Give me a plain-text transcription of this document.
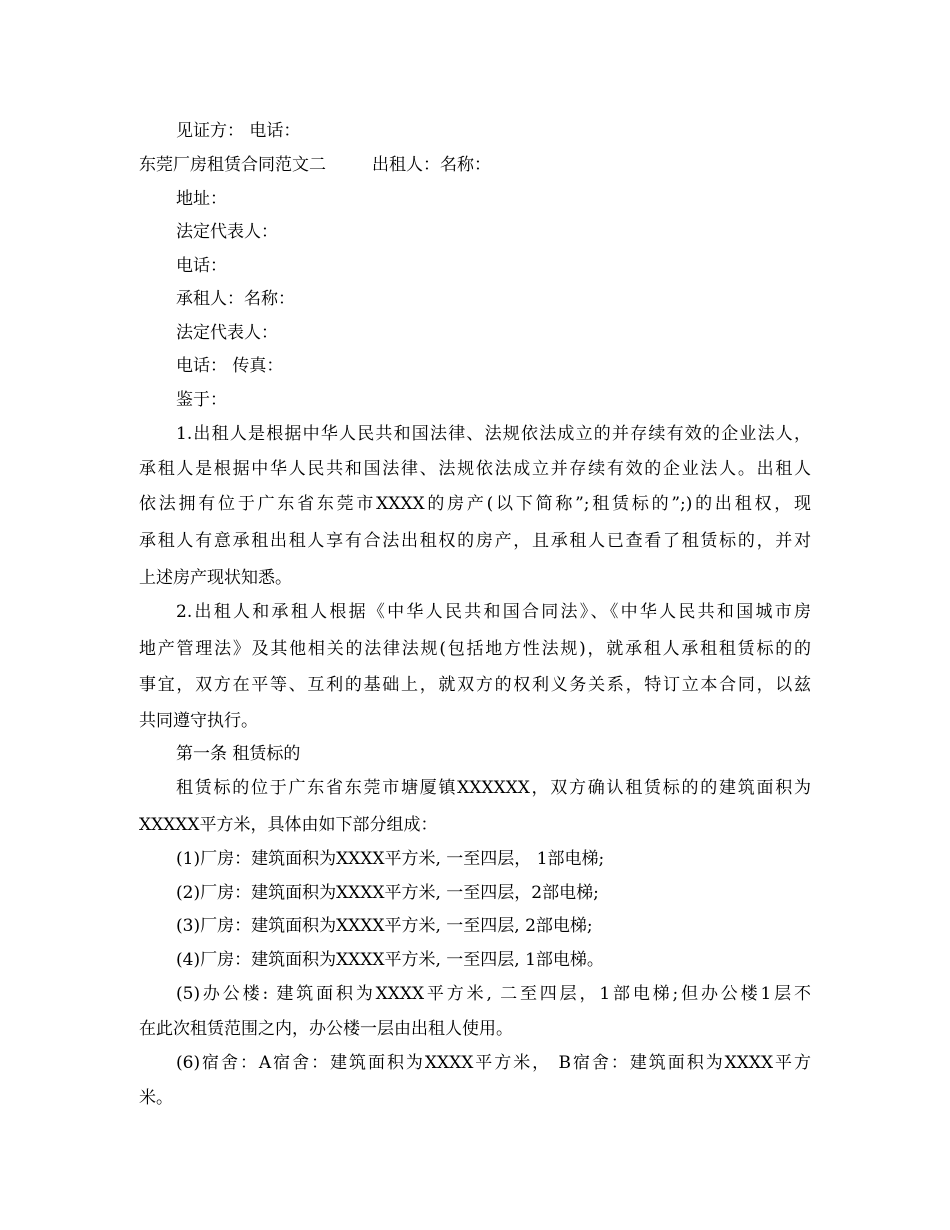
见证方： 电话：
东莞厂房租赁合同范文二	出租人：名称：
地址：
法定代表人：
电话：
承租人：名称：
法定代表人：
电话： 传真：
鉴于：
1.出租人是根据中华人民共和国法律、法规依法成立的并存续有效的企业法人，
承租人是根据中华人民共和国法律、法规依法成立并存续有效的企业法人。出租人
依法拥有位于广东省东莞市XXXX的房产(以下简称”;租赁标的”;)的出租权，现
承租人有意承租出租人享有合法出租权的房产，且承租人已查看了租赁标的，并对
上述房产现状知悉。
2.出租人和承租人根据《中华人民共和国合同法》、《中华人民共和国城市房
地产管理法》及其他相关的法律法规(包括地方性法规)，就承租人承租租赁标的的
事宜，双方在平等、互利的基础上，就双方的权利义务关系，特订立本合同，以兹
共同遵守执行。
第一条 租赁标的
租赁标的位于广东省东莞市塘厦镇XXXXXX，双方确认租赁标的的建筑面积为
XXXXX平方米，具体由如下部分组成：
(1)厂房：建筑面积为XXXX平方米, 一至四层， 1部电梯;
(2)厂房：建筑面积为XXXX平方米, 一至四层，2部电梯;
(3)厂房：建筑面积为XXXX平方米, 一至四层, 2部电梯;
(4)厂房：建筑面积为XXXX平方米, 一至四层, 1部电梯。
(5)办公楼: 建筑面积为XXXX平方米, 二至四层，1部电梯;但办公楼1层不
在此次租赁范围之内，办公楼一层由出租人使用。
(6)宿舍：A宿舍：建筑面积为XXXX平方米， B宿舍：建筑面积为XXXX平方
米。
